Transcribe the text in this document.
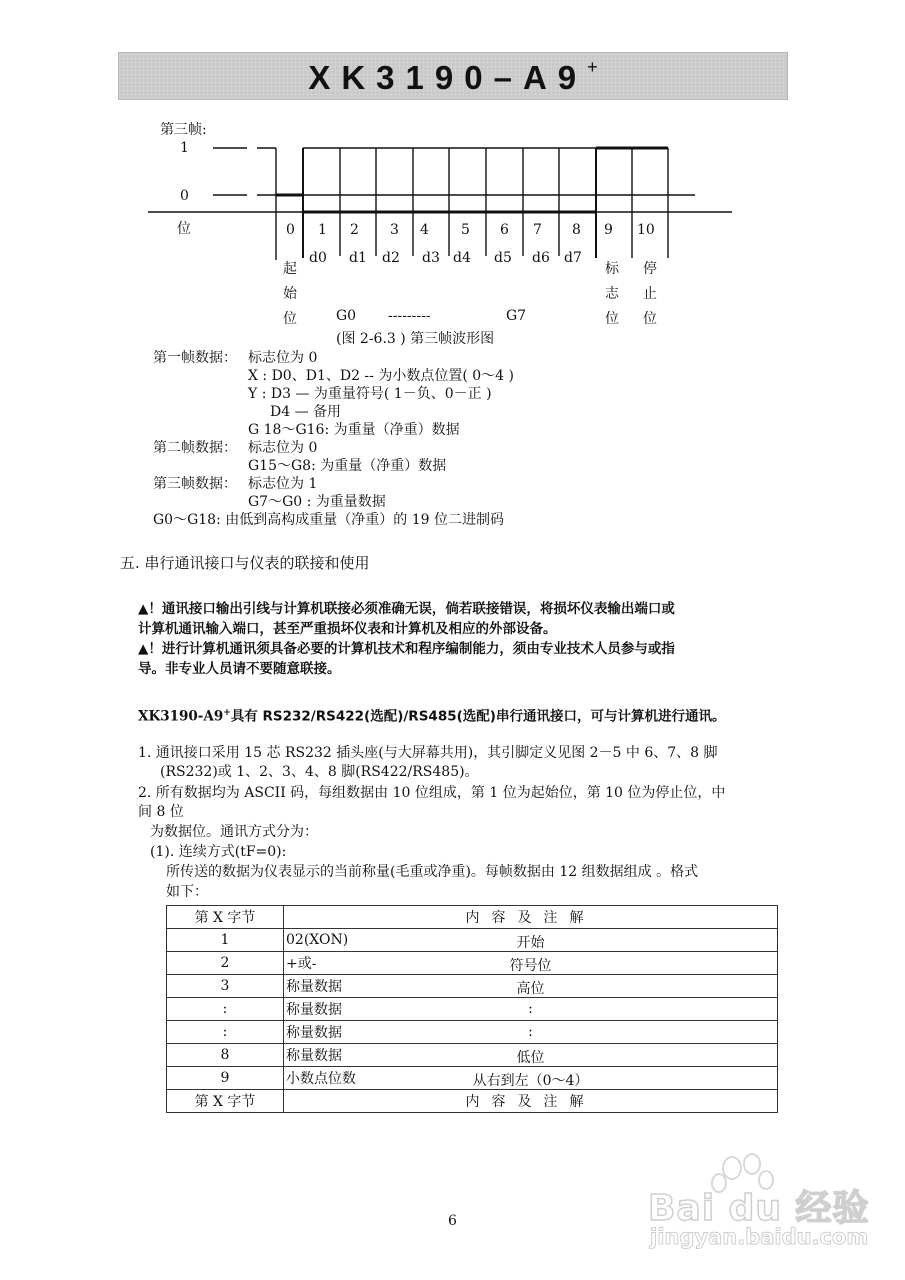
XK3190–A9+
第三帧:
1
0
位	0 1 2 3 4 5 6 7 8 9 10
d0 d1 d2 d3 d4 d5 d6 d7
起
始
位
标
志
位
停
止
位
G0 ---------	G7
(图 2-6.3 ) 第三帧波形图
第一帧数据： 标志位为 0
X : D0、D1、D2 -- 为小数点位置( 0～4 )
Y : D3 — 为重量符号( 1－负、0－正 )
D4 — 备用
G 18～G16: 为重量（净重）数据
第二帧数据： 标志位为 0
G15～G8: 为重量（净重）数据
第三帧数据： 标志位为 1
G7～G0 : 为重量数据
G0～G18: 由低到高构成重量（净重）的 19 位二进制码
五. 串行通讯接口与仪表的联接和使用
▲！通讯接口输出引线与计算机联接必须准确无误，倘若联接错误，将损坏仪表输出端口或
计算机通讯输入端口，甚至严重损坏仪表和计算机及相应的外部设备。
▲！进行计算机通讯须具备必要的计算机技术和程序编制能力，须由专业技术人员参与或指
导。非专业人员请不要随意联接。
XK3190-A9+具有 RS232/RS422(选配)/RS485(选配)串行通讯接口，可与计算机进行通讯。
1. 通讯接口采用 15 芯 RS232 插头座(与大屏幕共用)，其引脚定义见图 2－5 中 6、7、8 脚
(RS232)或 1、2、3、4、8 脚(RS422/RS485)。
2. 所有数据均为 ASCII 码，每组数据由 10 位组成，第 1 位为起始位，第 10 位为停止位，中
间 8 位
为数据位。通讯方式分为：
(1). 连续方式(tF=0):
所传送的数据为仪表显示的当前称量(毛重或净重)。每帧数据由 12 组数据组成 。格式
如下：
第 X 字节	内容及注解
1	02(XON) 开始

2	+或- 符号位

3	称量数据 高位

:	称量数据 :

:	称量数据 :

8	称量数据 低位

9	小数点位数 从右到左（0～4）

第 X 字节	内容及注解
6	Bai du 经验
jingyan.baidu.com
